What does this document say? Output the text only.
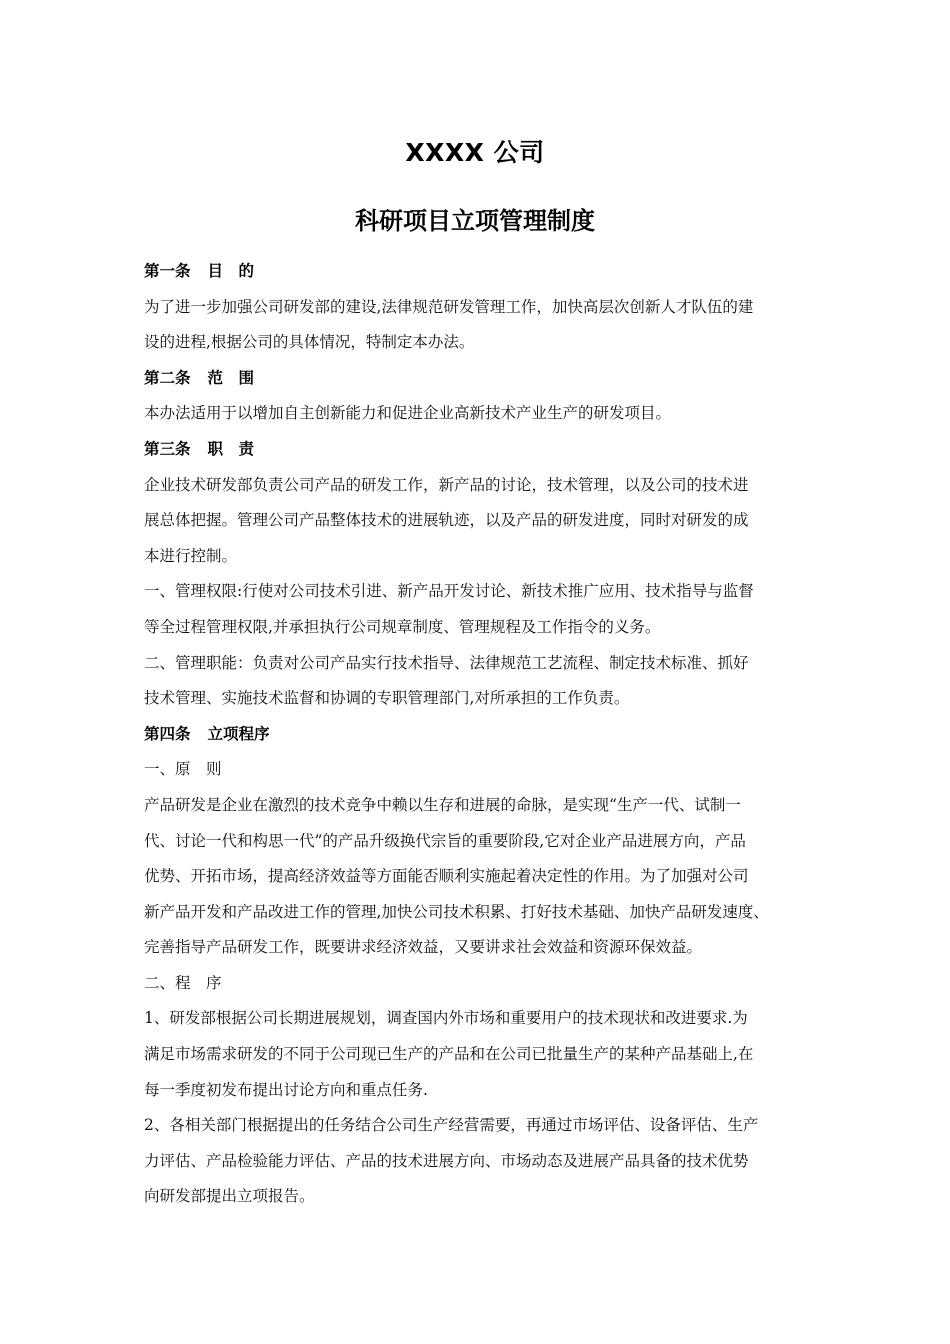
XXXX 公司
科研项目立项管理制度
第一条 目　的
为了进一步加强公司研发部的建设,法律规范研发管理工作，加快高层次创新人才队伍的建
设的进程,根据公司的具体情况，特制定本办法。
第二条 范　围
本办法适用于以增加自主创新能力和促进企业高新技术产业生产的研发项目。
第三条 职　责
企业技术研发部负责公司产品的研发工作，新产品的讨论，技术管理，以及公司的技术进
展总体把握。管理公司产品整体技术的进展轨迹，以及产品的研发进度，同时对研发的成
本进行控制。
一、管理权限:行使对公司技术引进、新产品开发讨论、新技术推广应用、技术指导与监督
等全过程管理权限,并承担执行公司规章制度、管理规程及工作指令的义务。
二、管理职能：负责对公司产品实行技术指导、法律规范工艺流程、制定技术标准、抓好
技术管理、实施技术监督和协调的专职管理部门,对所承担的工作负责。
第四条 立项程序
一、原　则
产品研发是企业在激烈的技术竞争中赖以生存和进展的命脉，是实现“生产一代、试制一
代、讨论一代和构思一代”的产品升级换代宗旨的重要阶段,它对企业产品进展方向，产品
优势、开拓市场，提高经济效益等方面能否顺利实施起着决定性的作用。为了加强对公司
新产品开发和产品改进工作的管理,加快公司技术积累、打好技术基础、加快产品研发速度、
完善指导产品研发工作，既要讲求经济效益，又要讲求社会效益和资源环保效益。
二、程　序
1、研发部根据公司长期进展规划，调查国内外市场和重要用户的技术现状和改进要求.为
满足市场需求研发的不同于公司现已生产的产品和在公司已批量生产的某种产品基础上,在
每一季度初发布提出讨论方向和重点任务.
2、各相关部门根据提出的任务结合公司生产经营需要，再通过市场评估、设备评估、生产
力评估、产品检验能力评估、产品的技术进展方向、市场动态及进展产品具备的技术优势
向研发部提出立项报告。
